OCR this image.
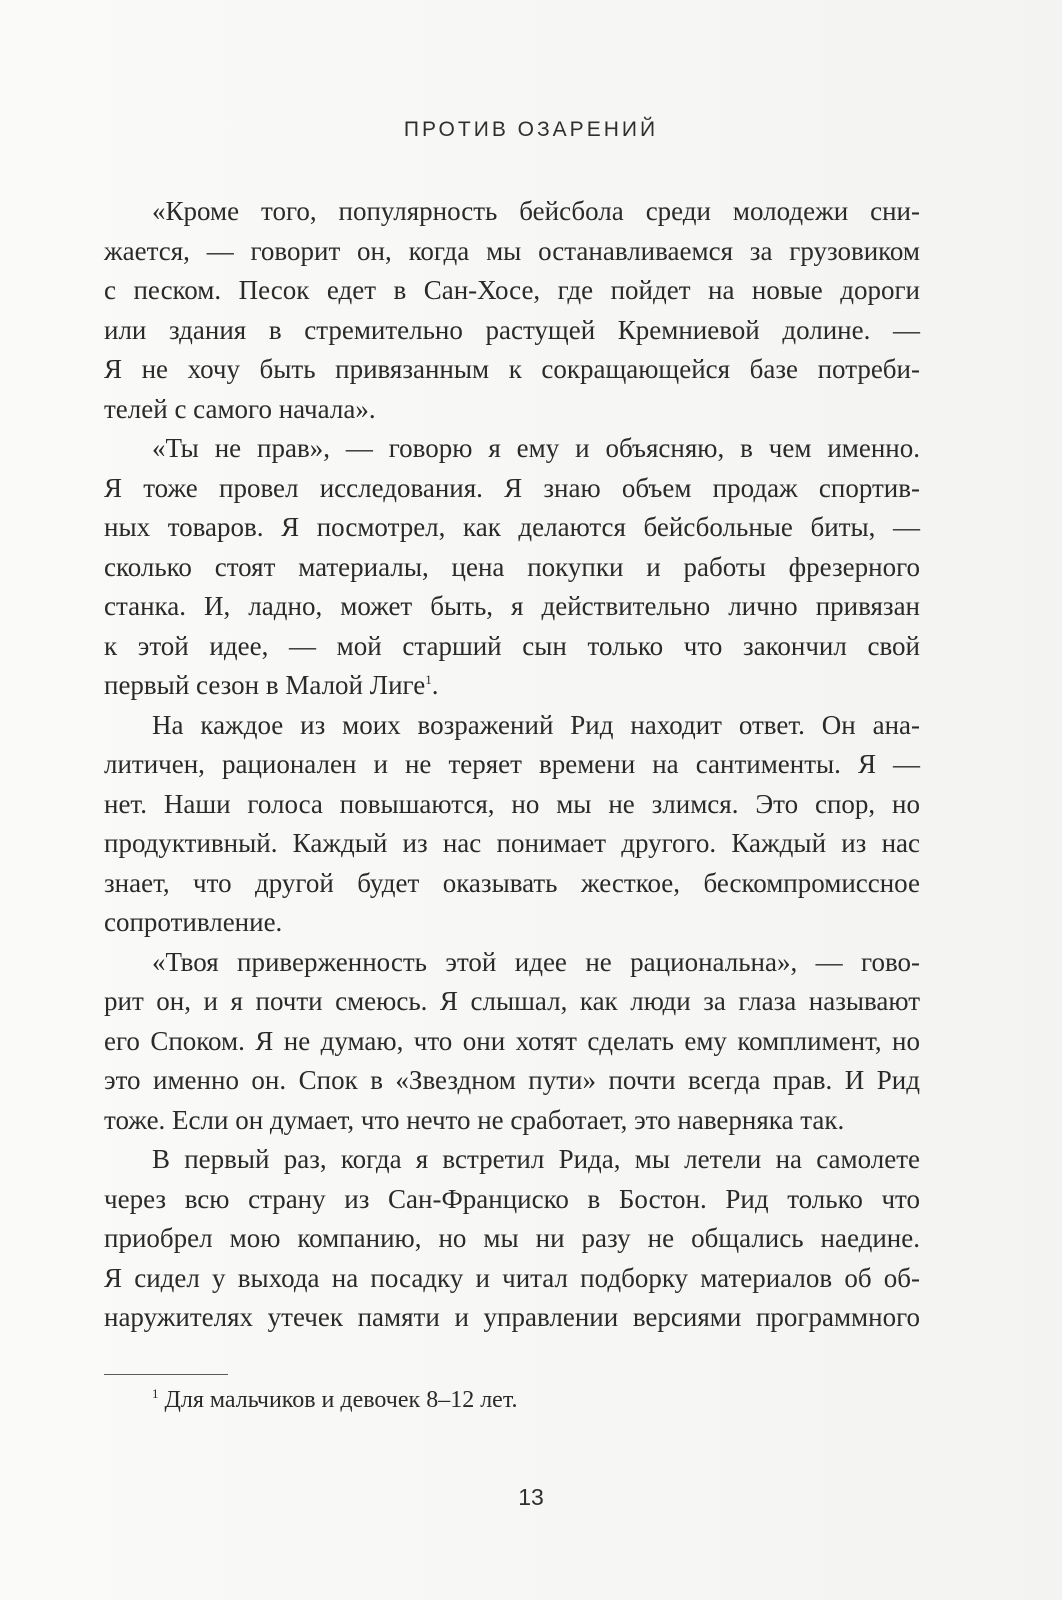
ПРОТИВ ОЗАРЕНИЙ
«Кроме того, популярность бейсбола среди молодежи сни-
жается, — говорит он, когда мы останавливаемся за грузовиком
с песком. Песок едет в Сан-Хосе, где пойдет на новые дороги
или здания в стремительно растущей Кремниевой долине. —
Я не хочу быть привязанным к сокращающейся базе потреби-
телей с самого начала».
«Ты не прав», — говорю я ему и объясняю, в чем именно.
Я тоже провел исследования. Я знаю объем продаж спортив-
ных товаров. Я посмотрел, как делаются бейсбольные биты, —
сколько стоят материалы, цена покупки и работы фрезерного
станка. И, ладно, может быть, я действительно лично привязан
к этой идее, — мой старший сын только что закончил свой
первый сезон в Малой Лиге$^1$.
На каждое из моих возражений Рид находит ответ. Он ана-
литичен, рационален и не теряет времени на сантименты. Я —
нет. Наши голоса повышаются, но мы не злимся. Это спор, но
продуктивный. Каждый из нас понимает другого. Каждый из нас
знает, что другой будет оказывать жесткое, бескомпромиссное
сопротивление.
«Твоя приверженность этой идее не рациональна», — гово-
рит он, и я почти смеюсь. Я слышал, как люди за глаза называют
его Споком. Я не думаю, что они хотят сделать ему комплимент, но
это именно он. Спок в «Звездном пути» почти всегда прав. И Рид
тоже. Если он думает, что нечто не сработает, это наверняка так.
В первый раз, когда я встретил Рида, мы летели на самолете
через всю страну из Сан-Франциско в Бостон. Рид только что
приобрел мою компанию, но мы ни разу не общались наедине.
Я сидел у выхода на посадку и читал подборку материалов об об-
наружителях утечек памяти и управлении версиями программного
$^1$ Для мальчиков и девочек 8–12 лет.
13
